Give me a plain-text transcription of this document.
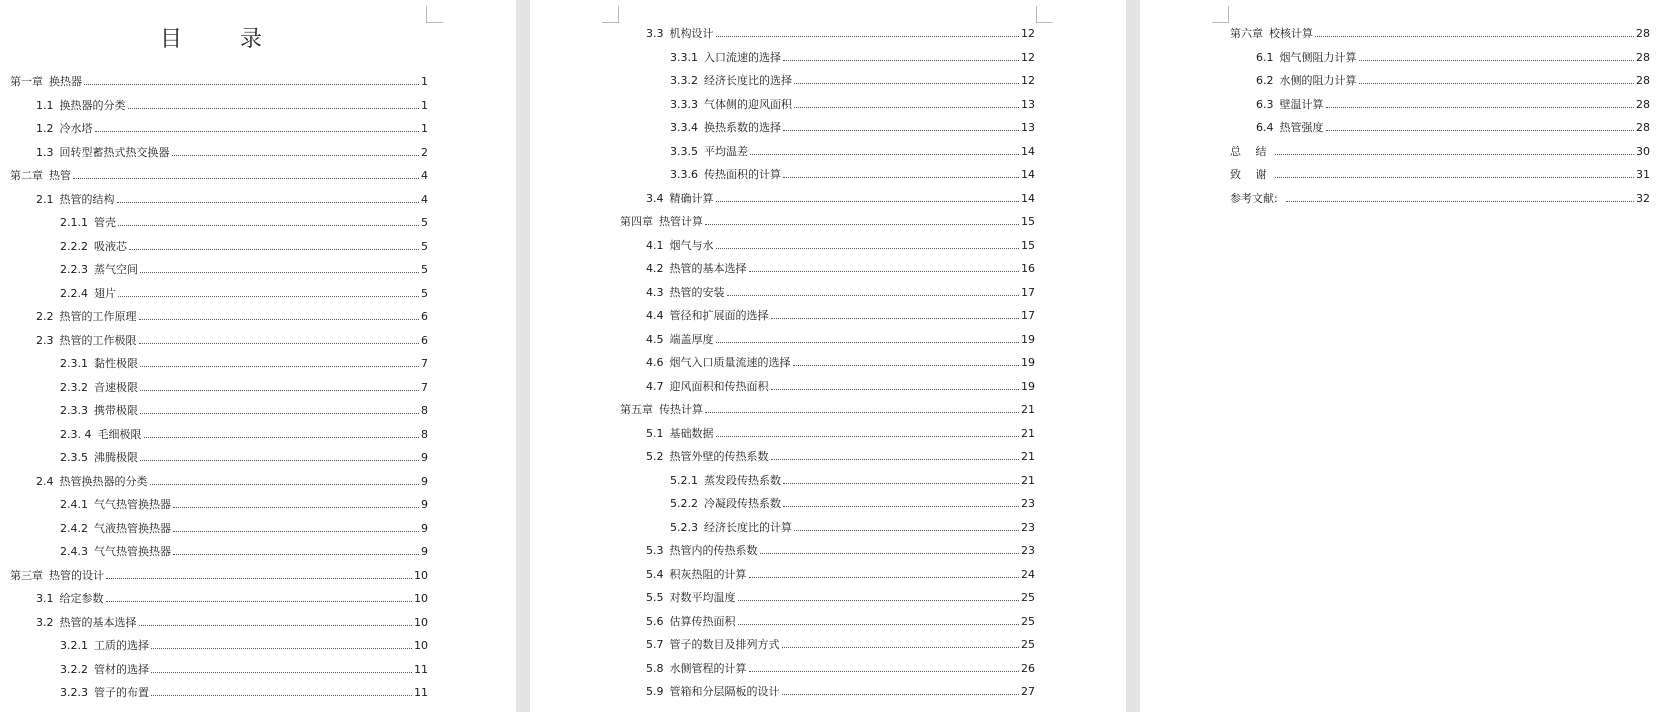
目　录
第一章 换热器	1
1.1 换热器的分类	1
1.2 冷水塔	1
1.3 回转型蓄热式热交换器	2
第二章 热管	4
2.1 热管的结构	4
2.1.1 管壳	5
2.2.2 吸液芯	5
2.2.3 蒸气空间	5
2.2.4 翅片	5
2.2 热管的工作原理	6
2.3 热管的工作极限	6
2.3.1 黏性极限	7
2.3.2 音速极限	7
2.3.3 携带极限	8
2.3. 4 毛细极限	8
2.3.5 沸腾极限	9
2.4 热管换热器的分类	9
2.4.1 气气热管换热器	9
2.4.2 气液热管换热器	9
2.4.3 气气热管换热器	9
第三章 热管的设计	10
3.1 给定参数	10
3.2 热管的基本选择	10
3.2.1 工质的选择	10
3.2.2 管材的选择	11
3.2.3 管子的布置	11
3.3 机构设计	12
3.3.1 入口流速的选择	12
3.3.2 经济长度比的选择	12
3.3.3 气体侧的迎风面积	13
3.3.4 换热系数的选择	13
3.3.5 平均温差	14
3.3.6 传热面积的计算	14
3.4 精确计算	14
第四章 热管计算	15
4.1 烟气与水	15
4.2 热管的基本选择	16
4.3 热管的安装	17
4.4 管径和扩展面的选择	17
4.5 端盖厚度	19
4.6 烟气入口质量流速的选择	19
4.7 迎风面积和传热面积	19
第五章 传热计算	21
5.1 基础数据	21
5.2 热管外壁的传热系数	21
5.2.1 蒸发段传热系数	21
5.2.2 冷凝段传热系数	23
5.2.3 经济长度比的计算	23
5.3 热管内的传热系数	23
5.4 积灰热阻的计算	24
5.5 对数平均温度	25
5.6 估算传热面积	25
5.7 管子的数目及排列方式	25
5.8 水侧管程的计算	26
5.9 管箱和分层隔板的设计	27
第六章 校核计算	28
6.1 烟气侧阻力计算	28
6.2 水侧的阻力计算	28
6.3 壁温计算	28
6.4 热管强度	28
总　 结	30
致　 谢	31
参考文献:	32
